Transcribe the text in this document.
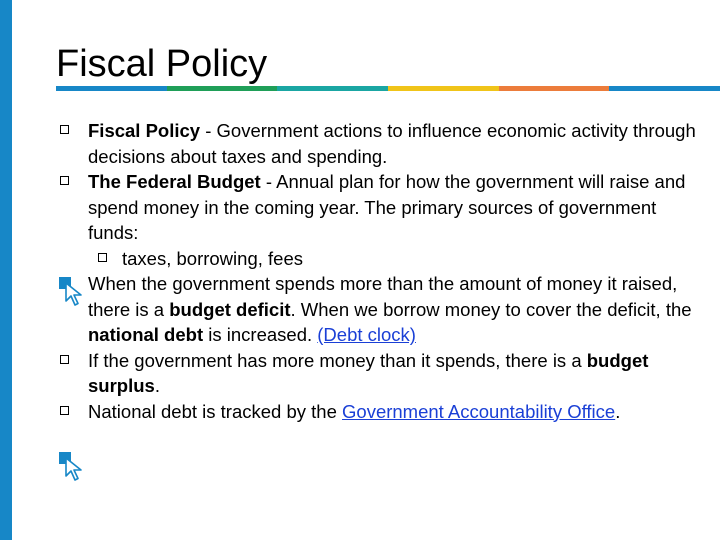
Fiscal Policy
Fiscal Policy - Government actions to influence economic activity through decisions about taxes and spending.
The Federal Budget - Annual plan for how the government will raise and spend money in the coming year. The primary sources of government funds:
taxes, borrowing, fees
When the government spends more than the amount of money it raised, there is a budget deficit. When we borrow money to cover the deficit, the national debt is increased. (Debt clock)
If the government has more money than it spends, there is a budget surplus.
National debt is tracked by the Government Accountability Office.
